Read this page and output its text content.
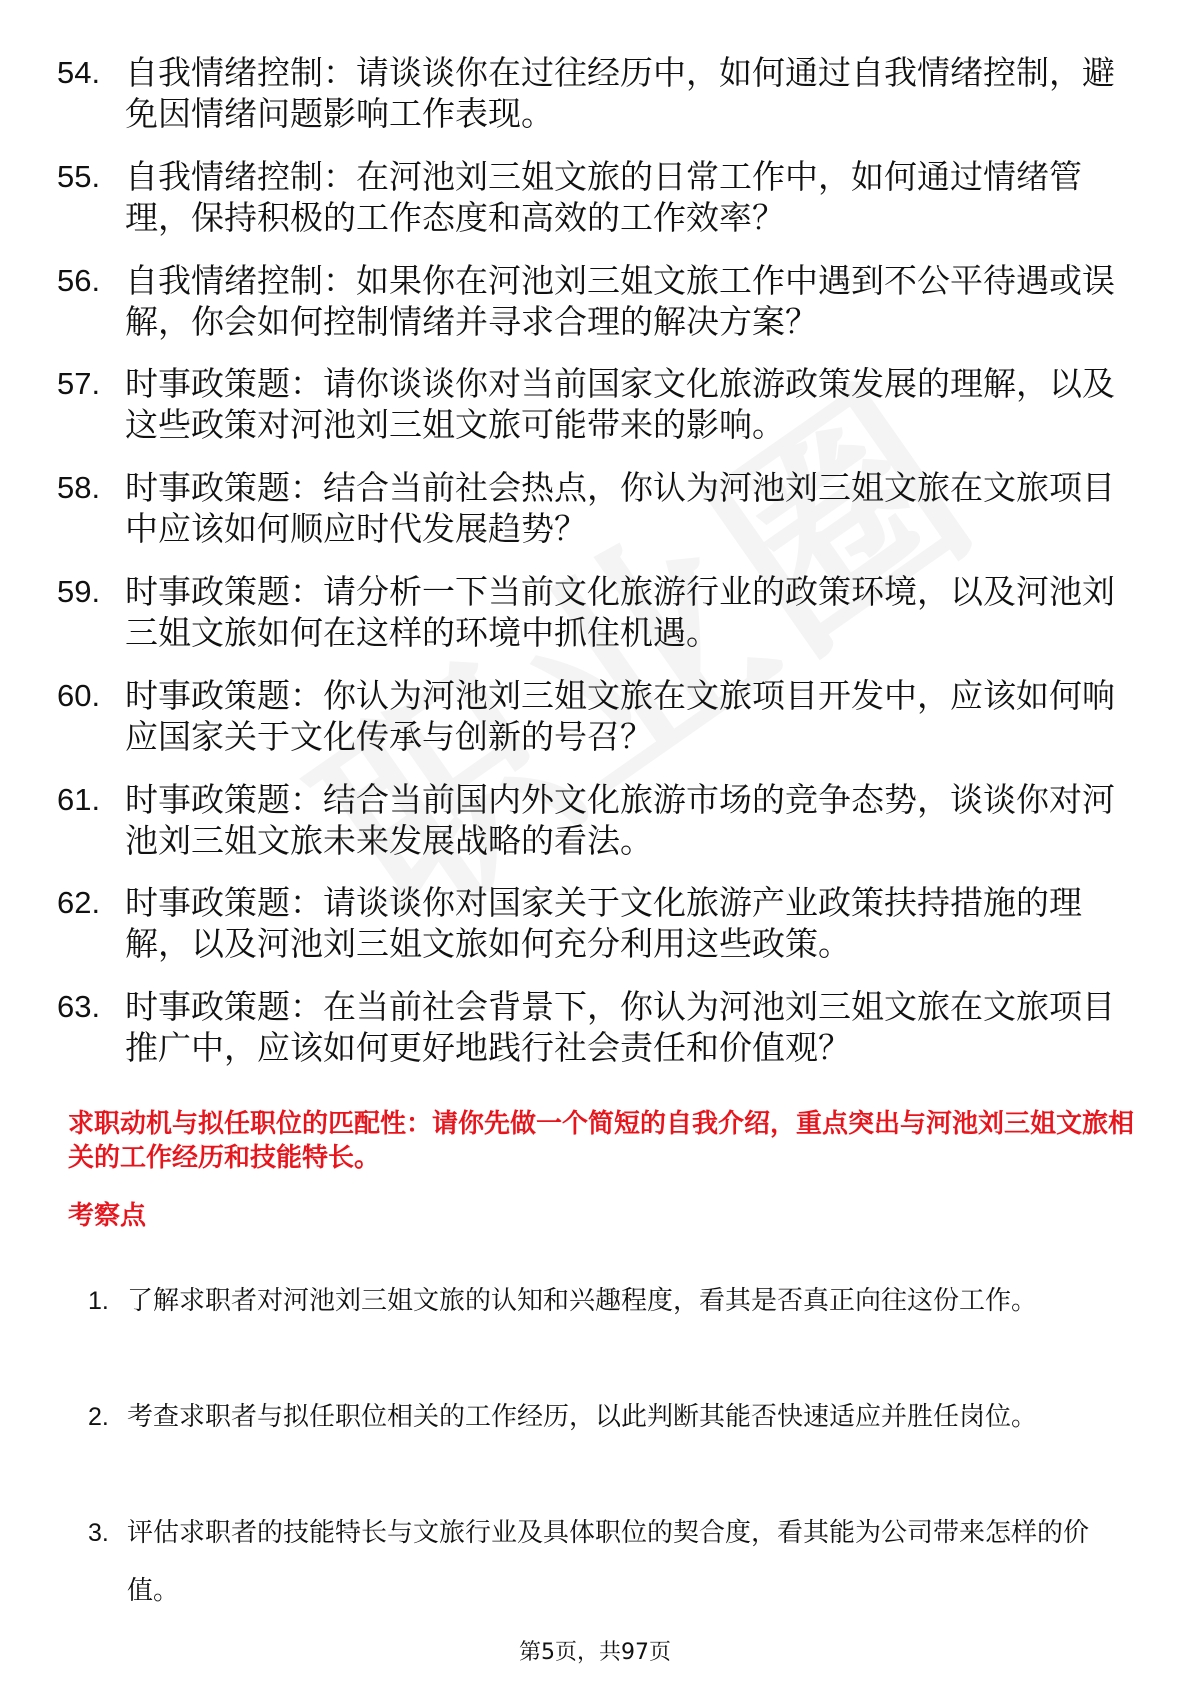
54. 自我情绪控制：请谈谈你在过往经历中，如何通过自我情绪控制，避免因情绪问题影响工作表现。
55. 自我情绪控制：在河池刘三姐文旅的日常工作中，如何通过情绪管理，保持积极的工作态度和高效的工作效率？
56. 自我情绪控制：如果你在河池刘三姐文旅工作中遇到不公平待遇或误解，你会如何控制情绪并寻求合理的解决方案？
57. 时事政策题：请你谈谈你对当前国家文化旅游政策发展的理解，以及这些政策对河池刘三姐文旅可能带来的影响。
58. 时事政策题：结合当前社会热点，你认为河池刘三姐文旅在文旅项目中应该如何顺应时代发展趋势？
59. 时事政策题：请分析一下当前文化旅游行业的政策环境，以及河池刘三姐文旅如何在这样的环境中抓住机遇。
60. 时事政策题：你认为河池刘三姐文旅在文旅项目开发中，应该如何响应国家关于文化传承与创新的号召？
61. 时事政策题：结合当前国内外文化旅游市场的竞争态势，谈谈你对河池刘三姐文旅未来发展战略的看法。
62. 时事政策题：请谈谈你对国家关于文化旅游产业政策扶持措施的理解，以及河池刘三姐文旅如何充分利用这些政策。
63. 时事政策题：在当前社会背景下，你认为河池刘三姐文旅在文旅项目推广中，应该如何更好地践行社会责任和价值观？
求职动机与拟任职位的匹配性：请你先做一个简短的自我介绍，重点突出与河池刘三姐文旅相关的工作经历和技能特长。
考察点
1. 了解求职者对河池刘三姐文旅的认知和兴趣程度，看其是否真正向往这份工作。
2. 考查求职者与拟任职位相关的工作经历，以此判断其能否快速适应并胜任岗位。
3. 评估求职者的技能特长与文旅行业及具体职位的契合度，看其能为公司带来怎样的价值。
第5页，共97页
